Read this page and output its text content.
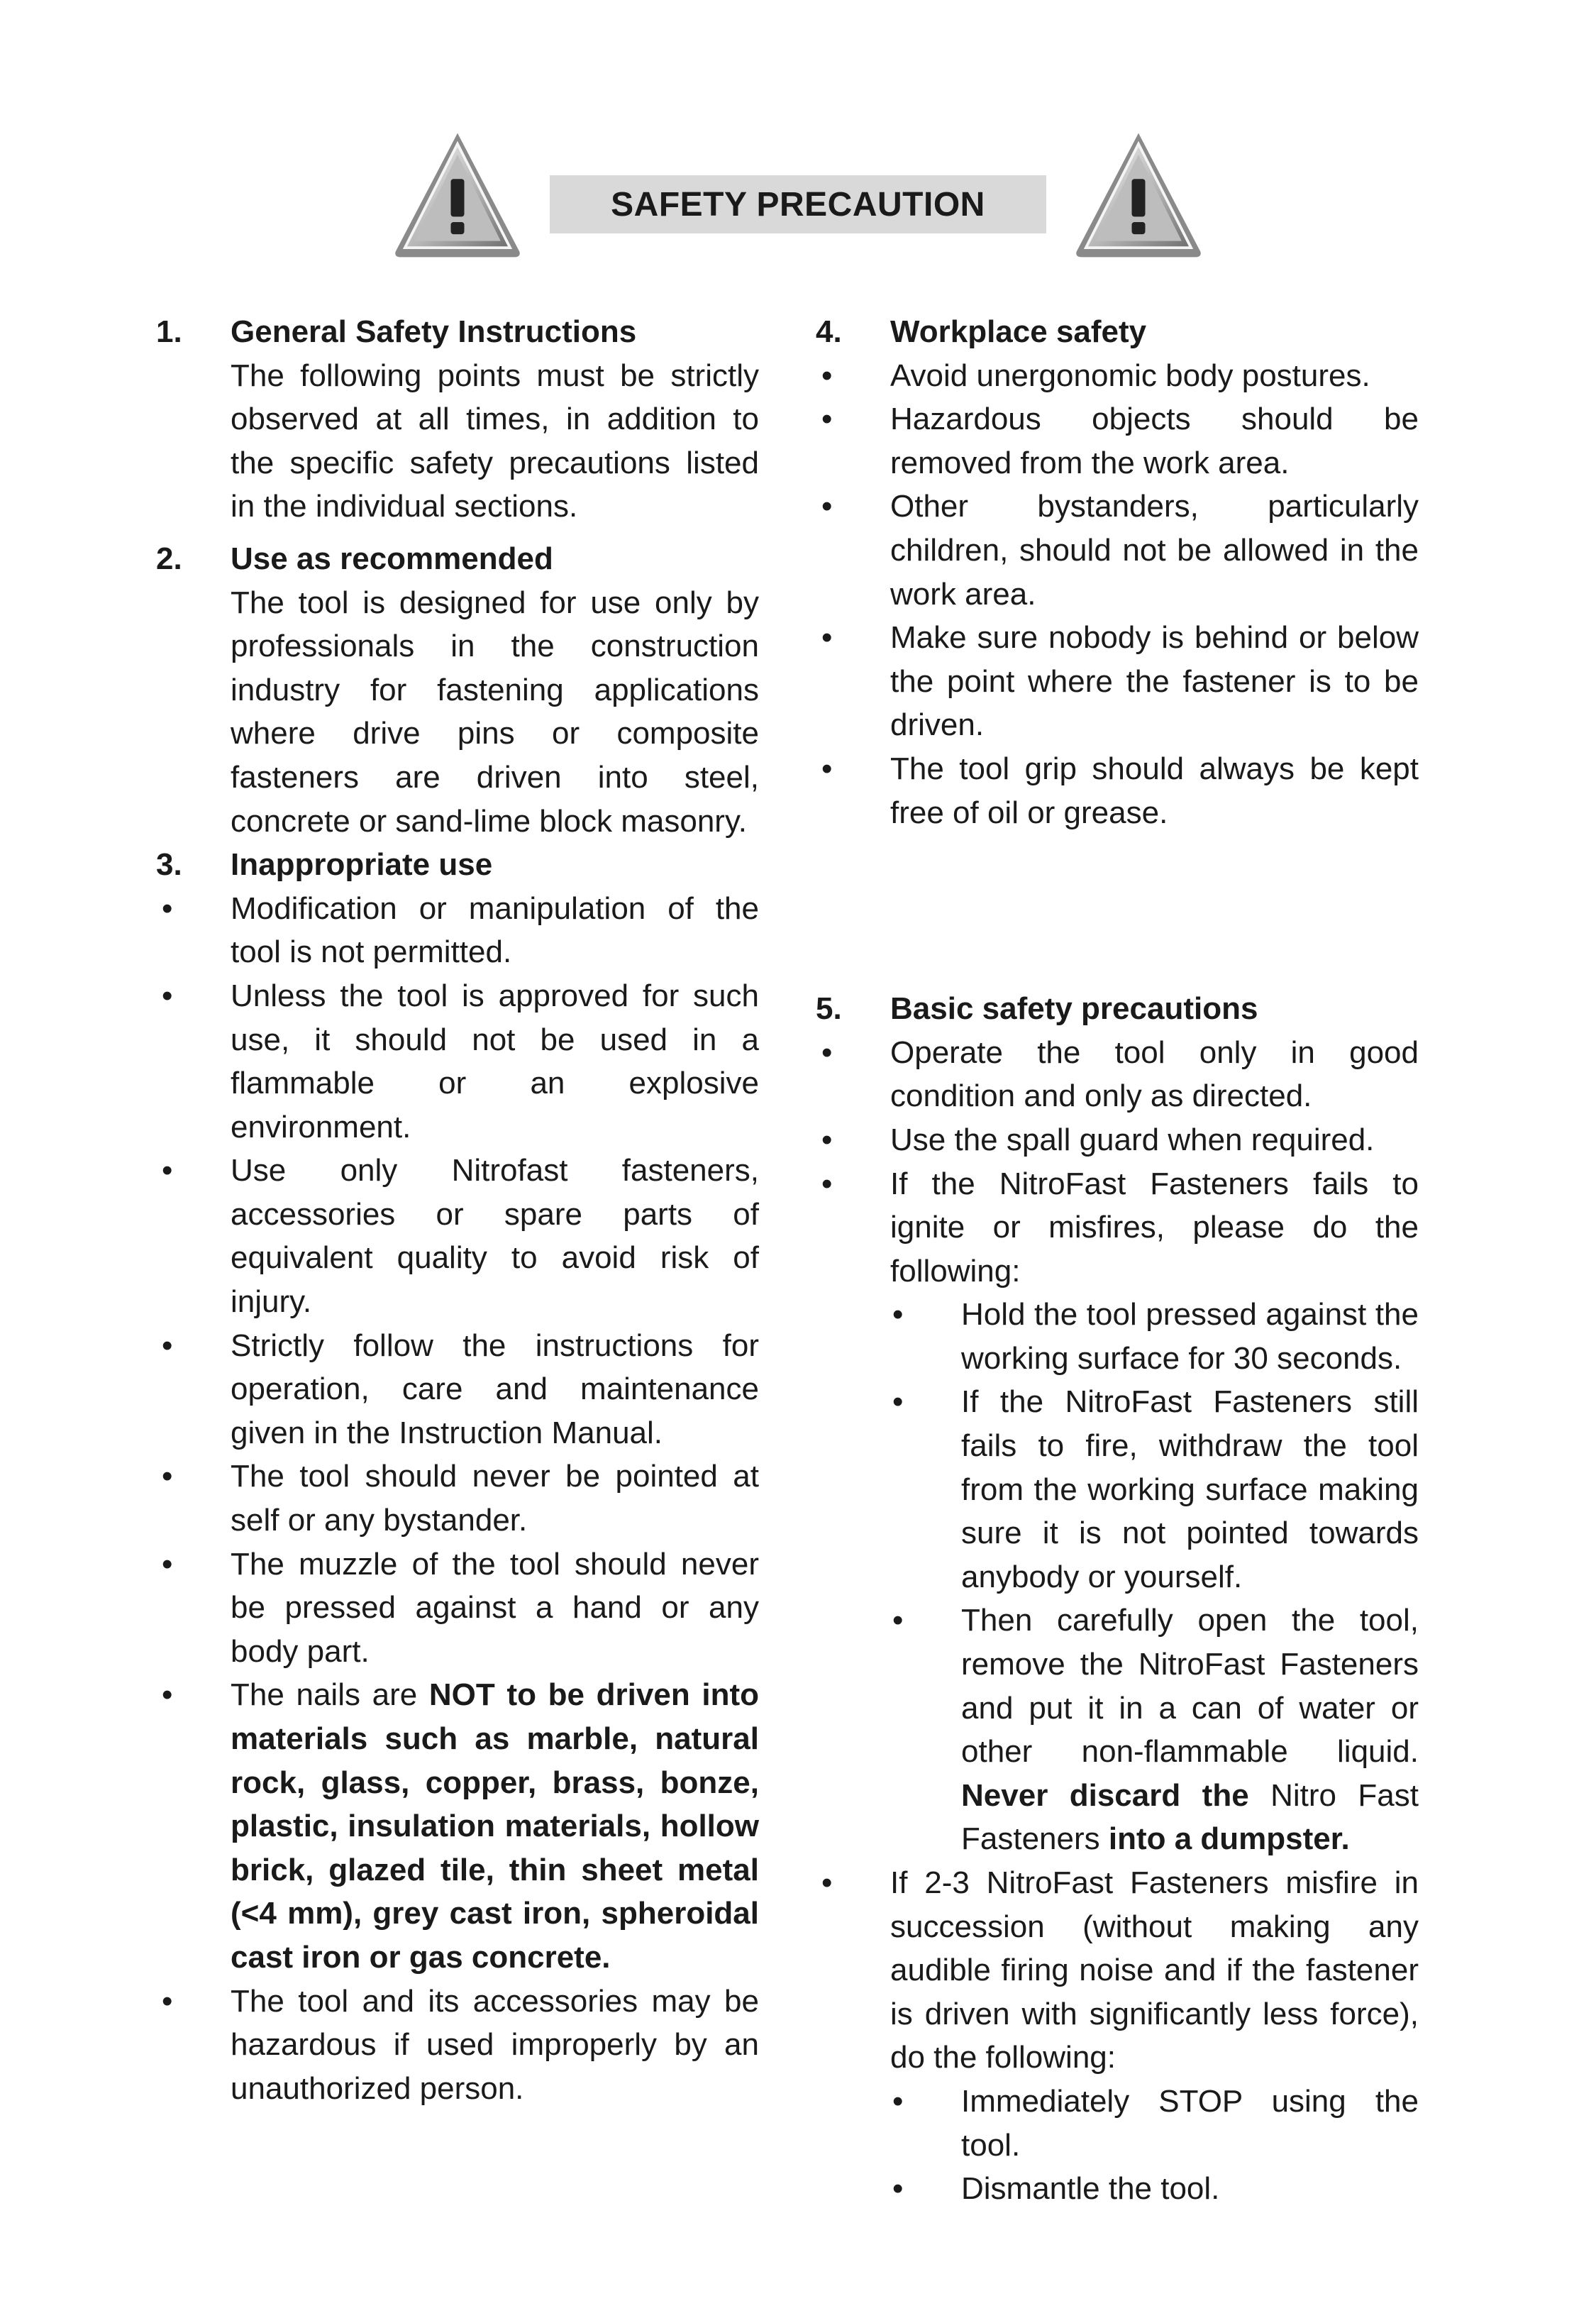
SAFETY PRECAUTION
1. General Safety Instructions
The following points must be strictly observed at all times, in addition to the specific safety precautions listed in the individual sections.
2. Use as recommended
The tool is designed for use only by professionals in the construction industry for fastening applications where drive pins or composite fasteners are driven into steel, concrete or sand-lime block masonry.
3. Inappropriate use
• Modification or manipulation of the tool is not permitted.
• Unless the tool is approved for such use, it should not be used in a flammable or an explosive environment.
• Use only Nitrofast fasteners, accessories or spare parts of equivalent quality to avoid risk of injury.
• Strictly follow the instructions for operation, care and maintenance given in the Instruction Manual.
• The tool should never be pointed at self or any bystander.
• The muzzle of the tool should never be pressed against a hand or any body part.
• The nails are NOT to be driven into materials such as marble, natural rock, glass, copper, brass, bonze, plastic, insulation materials, hollow brick, glazed tile, thin sheet metal (<4 mm), grey cast iron, spheroidal cast iron or gas concrete.
• The tool and its accessories may be hazardous if used improperly by an unauthorized person.
4. Workplace safety
• Avoid unergonomic body postures.
• Hazardous objects should be removed from the work area.
• Other bystanders, particularly children, should not be allowed in the work area.
• Make sure nobody is behind or below the point where the fastener is to be driven.
• The tool grip should always be kept free of oil or grease.
5. Basic safety precautions
• Operate the tool only in good condition and only as directed.
• Use the spall guard when required.
• If the NitroFast Fasteners fails to ignite or misfires, please do the following:
• Hold the tool pressed against the working surface for 30 seconds.
• If the NitroFast Fasteners still fails to fire, withdraw the tool from the working surface making sure it is not pointed towards anybody or yourself.
• Then carefully open the tool, remove the NitroFast Fasteners and put it in a can of water or other non-flammable liquid. Never discard the Nitro Fast Fasteners into a dumpster.
• If 2-3 NitroFast Fasteners misfire in succession (without making any audible firing noise and if the fastener is driven with significantly less force), do the following:
• Immediately STOP using the tool.
• Dismantle the tool.
